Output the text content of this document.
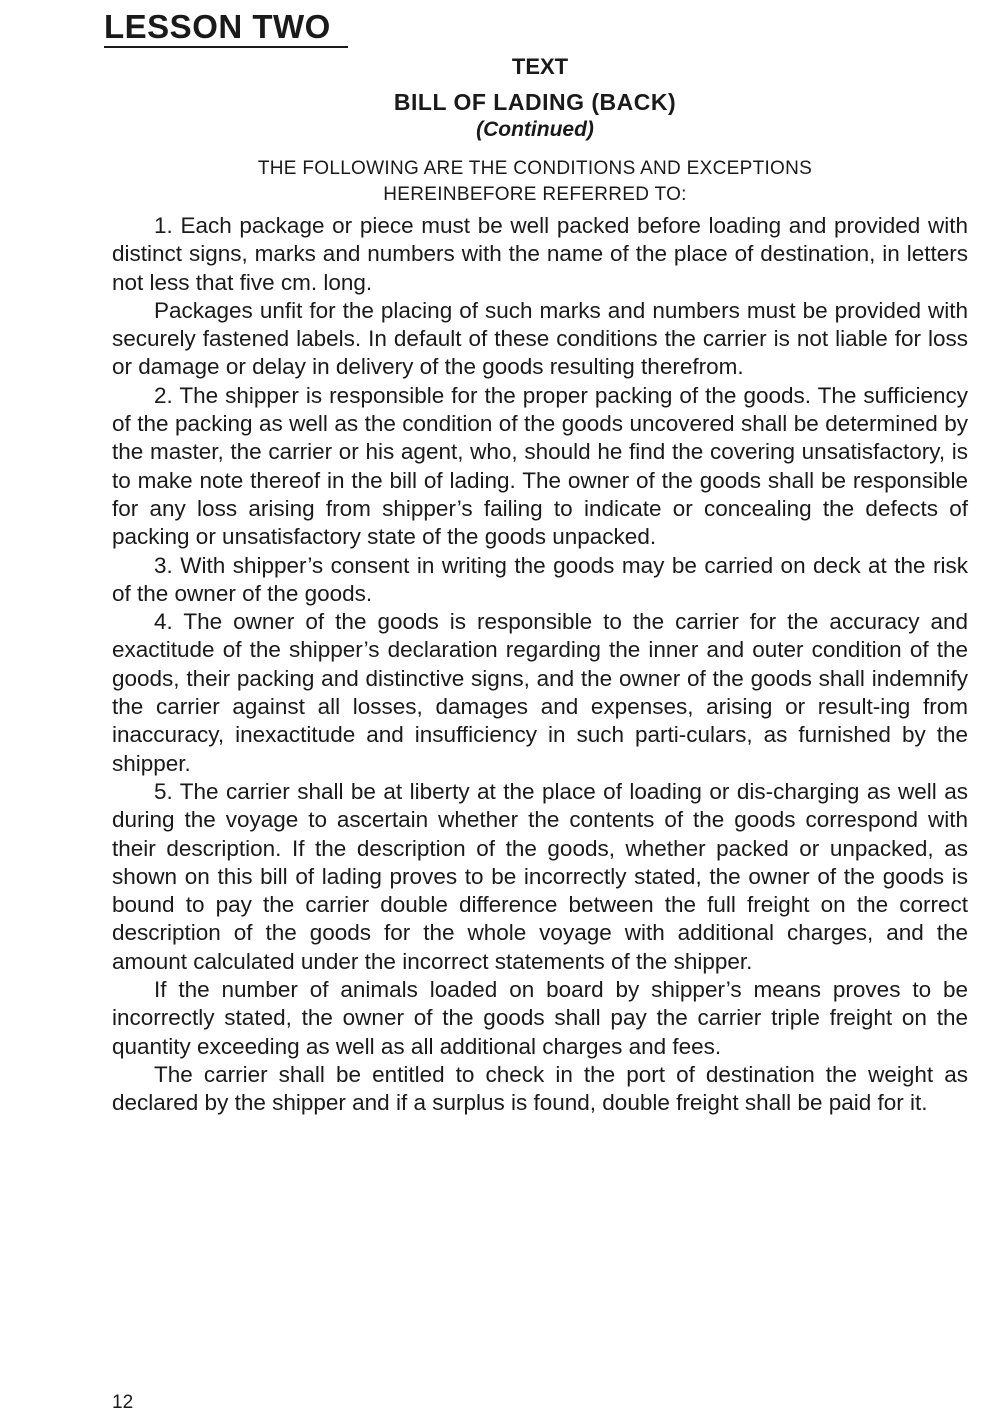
LESSON TWO
TEXT
BILL OF LADING (BACK)
(Continued)
THE FOLLOWING ARE THE CONDITIONS AND EXCEPTIONS
HEREINBEFORE REFERRED TO:

1. Each package or piece must be well packed before loading and provided with distinct signs, marks and numbers with the name of the place of destination, in letters not less that five cm. long.

Packages unfit for the placing of such marks and numbers must be provided with securely fastened labels. In default of these conditions the carrier is not liable for loss or damage or delay in delivery of the goods resulting therefrom.

2. The shipper is responsible for the proper packing of the goods. The sufficiency of the packing as well as the condition of the goods uncovered shall be determined by the master, the carrier or his agent, who, should he find the covering unsatisfactory, is to make note thereof in the bill of lading. The owner of the goods shall be responsible for any loss arising from shipper’s failing to indicate or concealing the defects of packing or unsatisfactory state of the goods unpacked.

3. With shipper’s consent in writing the goods may be carried on deck at the risk of the owner of the goods.

4. The owner of the goods is responsible to the carrier for the accuracy and exactitude of the shipper’s declaration regarding the inner and outer condition of the goods, their packing and distinctive signs, and the owner of the goods shall indemnify the carrier against all losses, damages and expenses, arising or result-ing from inaccuracy, inexactitude and insufficiency in such parti-culars, as furnished by the shipper.

5. The carrier shall be at liberty at the place of loading or dis-charging as well as during the voyage to ascertain whether the contents of the goods correspond with their description. If the description of the goods, whether packed or unpacked, as shown on this bill of lading proves to be incorrectly stated, the owner of the goods is bound to pay the carrier double difference between the full freight on the correct description of the goods for the whole voyage with additional charges, and the amount calculated under the incorrect statements of the shipper.

If the number of animals loaded on board by shipper’s means proves to be incorrectly stated, the owner of the goods shall pay the carrier triple freight on the quantity exceeding as well as all additional charges and fees.

The carrier shall be entitled to check in the port of destination the weight as declared by the shipper and if a surplus is found, double freight shall be paid for it.

12
